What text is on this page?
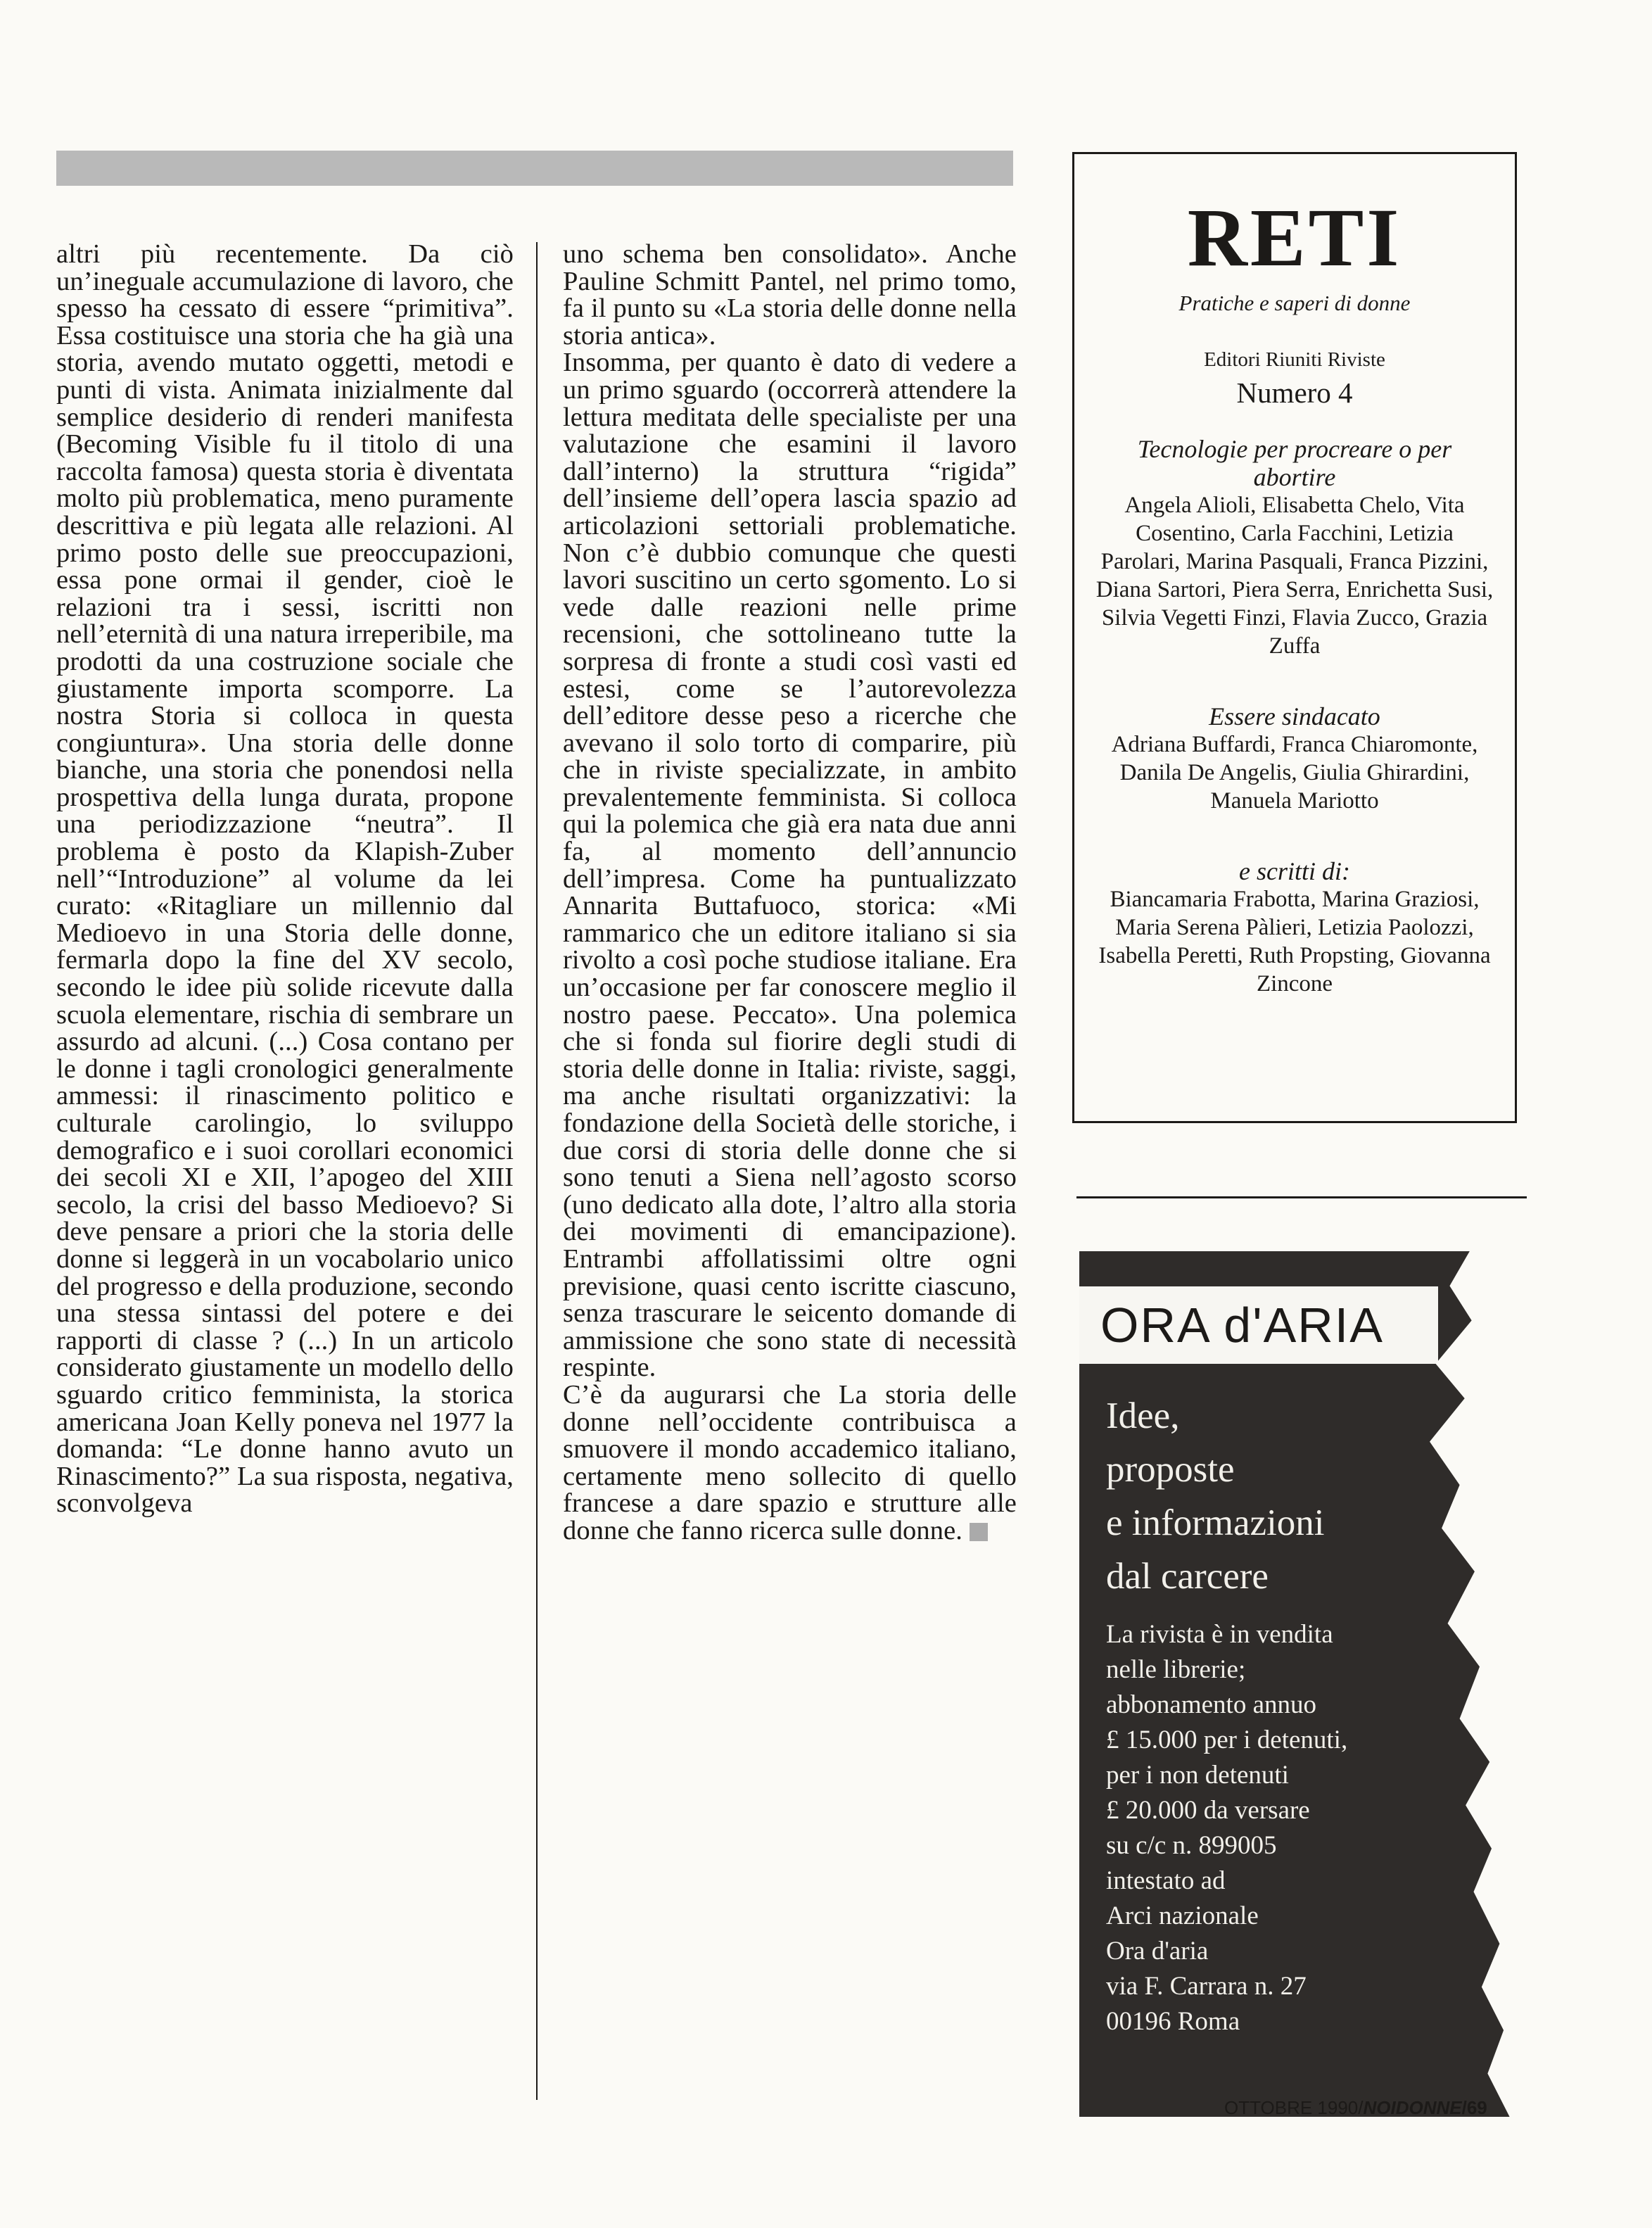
altri più recentemente. Da ciò un’ineguale accumulazione di lavoro, che spesso ha cessato di essere “primitiva”. Essa costituisce una storia che ha già una storia, avendo mutato oggetti, metodi e punti di vista. Animata inizialmente dal semplice desiderio di renderi manifesta (Becoming Visible fu il titolo di una raccolta famosa) questa storia è diventata molto più problematica, meno puramente descrittiva e più legata alle relazioni. Al primo posto delle sue preoccupazioni, essa pone ormai il gender, cioè le relazioni tra i sessi, iscritti non nell’eternità di una natura irreperibile, ma prodotti da una costruzione sociale che giustamente importa scomporre. La nostra Storia si colloca in questa congiuntura». Una storia delle donne bianche, una storia che ponendosi nella prospettiva della lunga durata, propone una periodizzazione “neutra”. Il problema è posto da Klapish-Zuber nell’“Introduzione” al volume da lei curato: «Ritagliare un millennio dal Medioevo in una Storia delle donne, fermarla dopo la fine del XV secolo, secondo le idee più solide ricevute dalla scuola elementare, rischia di sembrare un assurdo ad alcuni. (...) Cosa contano per le donne i tagli cronologici generalmente ammessi: il rinascimento politico e culturale carolingio, lo sviluppo demografico e i suoi corollari economici dei secoli XI e XII, l’apogeo del XIII secolo, la crisi del basso Medioevo? Si deve pensare a priori che la storia delle donne si leggerà in un vocabolario unico del progresso e della produzione, secondo una stessa sintassi del potere e dei rapporti di classe ? (...) In un articolo considerato giustamente un modello dello sguardo critico femminista, la storica americana Joan Kelly poneva nel 1977 la domanda: “Le donne hanno avuto un Rinascimento?” La sua risposta, negativa, sconvolgeva

uno schema ben consolidato». Anche Pauline Schmitt Pantel, nel primo tomo, fa il punto su «La storia delle donne nella storia antica».

Insomma, per quanto è dato di vedere a un primo sguardo (occorrerà attendere la lettura meditata delle specialiste per una valutazione che esamini il lavoro dall’interno) la struttura “rigida” dell’insieme dell’opera lascia spazio ad articolazioni settoriali problematiche. Non c’è dubbio comunque che questi lavori suscitino un certo sgomento. Lo si vede dalle reazioni nelle prime recensioni, che sottolineano tutte la sorpresa di fronte a studi così vasti ed estesi, come se l’autorevolezza dell’editore desse peso a ricerche che avevano il solo torto di comparire, più che in riviste specializzate, in ambito prevalentemente femminista. Si colloca qui la polemica che già era nata due anni fa, al momento dell’annuncio dell’impresa. Come ha puntualizzato Annarita Buttafuoco, storica: «Mi rammarico che un editore italiano si sia rivolto a così poche studiose italiane. Era un’occasione per far conoscere meglio il nostro paese. Peccato». Una polemica che si fonda sul fiorire degli studi di storia delle donne in Italia: riviste, saggi, ma anche risultati organizzativi: la fondazione della Società delle storiche, i due corsi di storia delle donne che si sono tenuti a Siena nell’agosto scorso (uno dedicato alla dote, l’altro alla storia dei movimenti di emancipazione). Entrambi affollatissimi oltre ogni previsione, quasi cento iscritte ciascuno, senza trascurare le seicento domande di ammissione che sono state di necessità respinte.

C’è da augurarsi che La storia delle donne nell’occidente contribuisca a smuovere il mondo accademico italiano, certamente meno sollecito di quello francese a dare spazio e strutture alle donne che fanno ricerca sulle donne.

RETI
Pratiche e saperi di donne
Editori Riuniti Riviste
Numero 4
Tecnologie per procreare o per abortire
Angela Alioli, Elisabetta Chelo, Vita Cosentino, Carla Facchini, Letizia Parolari, Marina Pasquali, Franca Pizzini, Diana Sartori, Piera Serra, Enrichetta Susi, Silvia Vegetti Finzi, Flavia Zucco, Grazia Zuffa
Essere sindacato
Adriana Buffardi, Franca Chiaromonte, Danila De Angelis, Giulia Ghirardini, Manuela Mariotto
e scritti di:
Biancamaria Frabotta, Marina Graziosi, Maria Serena Pàlieri, Letizia Paolozzi, Isabella Peretti, Ruth Propsting, Giovanna Zincone
ORA d'ARIA
Idee,
proposte
e informazioni
dal carcere
La rivista è in vendita
nelle librerie;
abbonamento annuo
£ 15.000 per i detenuti,
per i non detenuti
£ 20.000 da versare
su c/c n. 899005
intestato ad
Arci nazionale
Ora d'aria
via F. Carrara n. 27
00196 Roma
OTTOBRE 1990/NOIDONNE/69
